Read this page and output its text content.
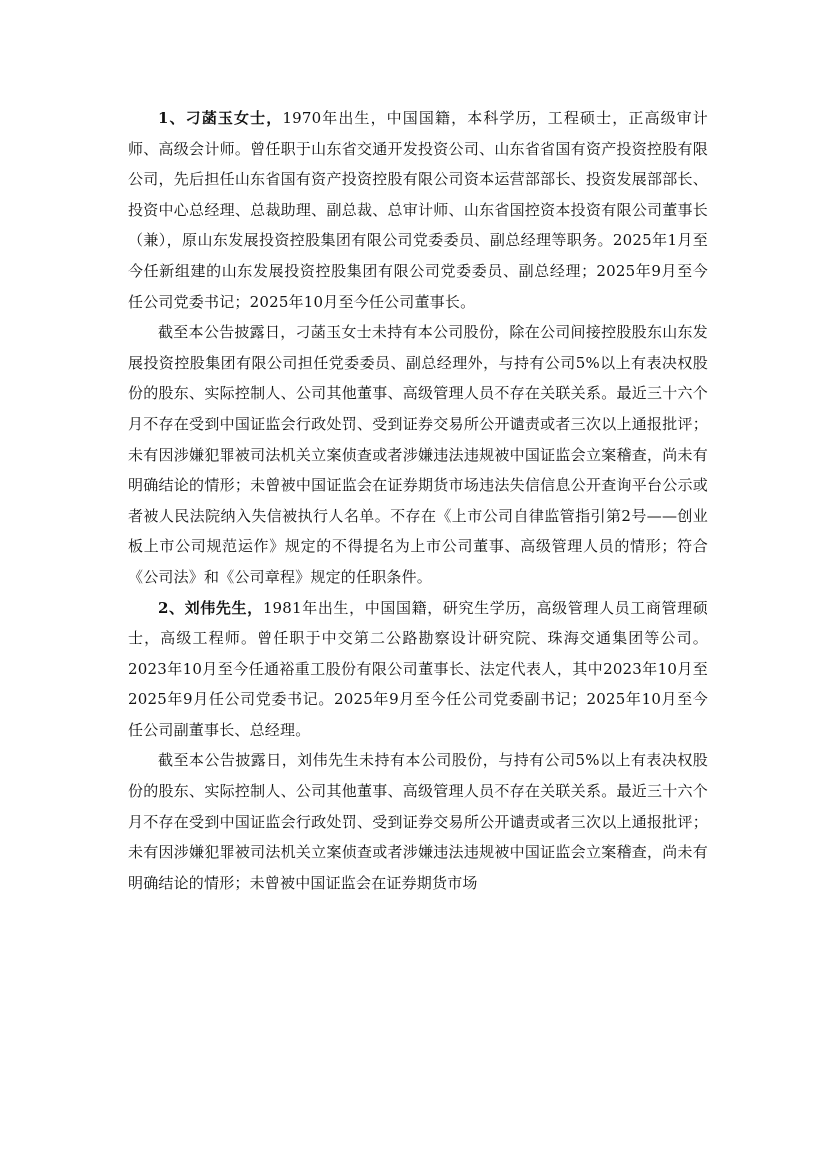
1、刁菡玉女士，1970年出生，中国国籍，本科学历，工程硕士，正高级审计师、高级会计师。曾任职于山东省交通开发投资公司、山东省省国有资产投资控股有限公司，先后担任山东省国有资产投资控股有限公司资本运营部部长、投资发展部部长、投资中心总经理、总裁助理、副总裁、总审计师、山东省国控资本投资有限公司董事长（兼），原山东发展投资控股集团有限公司党委委员、副总经理等职务。2025年1月至今任新组建的山东发展投资控股集团有限公司党委委员、副总经理；2025年9月至今任公司党委书记；2025年10月至今任公司董事长。

截至本公告披露日，刁菡玉女士未持有本公司股份，除在公司间接控股股东山东发展投资控股集团有限公司担任党委委员、副总经理外，与持有公司5%以上有表决权股份的股东、实际控制人、公司其他董事、高级管理人员不存在关联关系。最近三十六个月不存在受到中国证监会行政处罚、受到证券交易所公开谴责或者三次以上通报批评；未有因涉嫌犯罪被司法机关立案侦查或者涉嫌违法违规被中国证监会立案稽查，尚未有明确结论的情形；未曾被中国证监会在证券期货市场违法失信信息公开查询平台公示或者被人民法院纳入失信被执行人名单。不存在《上市公司自律监管指引第2号——创业板上市公司规范运作》规定的不得提名为上市公司董事、高级管理人员的情形；符合《公司法》和《公司章程》规定的任职条件。

2、刘伟先生，1981年出生，中国国籍，研究生学历，高级管理人员工商管理硕士，高级工程师。曾任职于中交第二公路勘察设计研究院、珠海交通集团等公司。2023年10月至今任通裕重工股份有限公司董事长、法定代表人，其中2023年10月至2025年9月任公司党委书记。2025年9月至今任公司党委副书记；2025年10月至今任公司副董事长、总经理。

截至本公告披露日，刘伟先生未持有本公司股份，与持有公司5%以上有表决权股份的股东、实际控制人、公司其他董事、高级管理人员不存在关联关系。最近三十六个月不存在受到中国证监会行政处罚、受到证券交易所公开谴责或者三次以上通报批评；未有因涉嫌犯罪被司法机关立案侦查或者涉嫌违法违规被中国证监会立案稽查，尚未有明确结论的情形；未曾被中国证监会在证券期货市场
